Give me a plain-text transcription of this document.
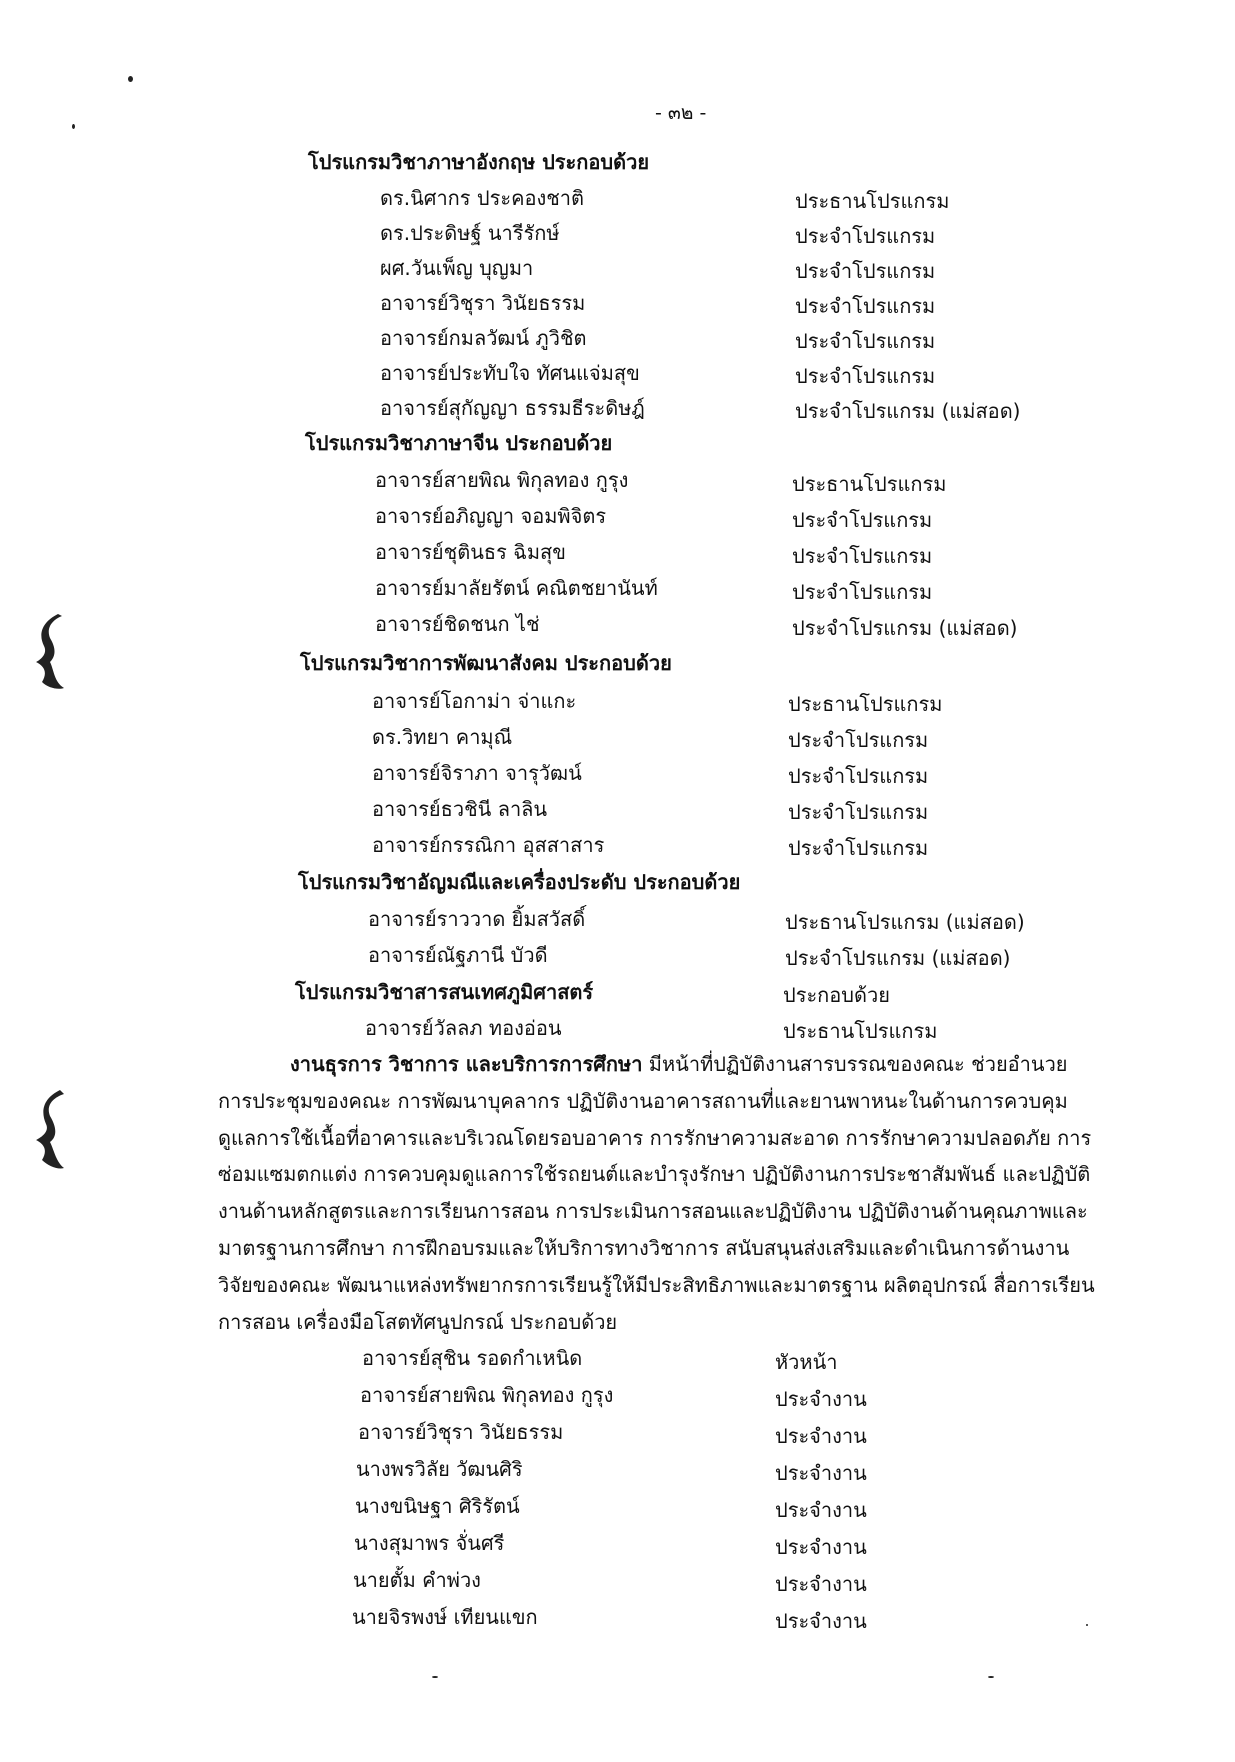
- ๓๒ -
โปรแกรมวิชาภาษาอังกฤษ ประกอบด้วย
ดร.นิศากร ประคองชาติ	ประธานโปรแกรม
ดร.ประดิษฐ์ นารีรักษ์	ประจำโปรแกรม
ผศ.วันเพ็ญ บุญมา	ประจำโปรแกรม
อาจารย์วิชุรา วินัยธรรม	ประจำโปรแกรม
อาจารย์กมลวัฒน์ ภูวิชิต	ประจำโปรแกรม
อาจารย์ประทับใจ ทัศนแจ่มสุข	ประจำโปรแกรม
อาจารย์สุกัญญา ธรรมธีระดิษฎ์	ประจำโปรแกรม (แม่สอด)
โปรแกรมวิชาภาษาจีน ประกอบด้วย
อาจารย์สายพิณ พิกุลทอง กูรุง	ประธานโปรแกรม
อาจารย์อภิญญา จอมพิจิตร	ประจำโปรแกรม
อาจารย์ชุตินธร ฉิมสุข	ประจำโปรแกรม
อาจารย์มาลัยรัตน์ คณิตชยานันท์	ประจำโปรแกรม
อาจารย์ชิดชนก ไช่	ประจำโปรแกรม (แม่สอด)
โปรแกรมวิชาการพัฒนาสังคม ประกอบด้วย
อาจารย์โอกาม่า จ่าแกะ	ประธานโปรแกรม
ดร.วิทยา คามุณี	ประจำโปรแกรม
อาจารย์จิราภา จารุวัฒน์	ประจำโปรแกรม
อาจารย์ธวชินี ลาลิน	ประจำโปรแกรม
อาจารย์กรรณิกา อุสสาสาร	ประจำโปรแกรม
โปรแกรมวิชาอัญมณีและเครื่องประดับ ประกอบด้วย
อาจารย์ราววาด ยิ้มสวัสดิ์	ประธานโปรแกรม (แม่สอด)
อาจารย์ณัฐภานี บัวดี	ประจำโปรแกรม (แม่สอด)
โปรแกรมวิชาสารสนเทศภูมิศาสตร์	ประกอบด้วย
อาจารย์วัลลภ ทองอ่อน	ประธานโปรแกรม

งานธุรการ วิชาการ และบริการการศึกษา มีหน้าที่ปฏิบัติงานสารบรรณของคณะ ช่วยอำนวยการประชุมของคณะ การพัฒนาบุคลากร ปฏิบัติงานอาคารสถานที่และยานพาหนะในด้านการควบคุมดูแลการใช้เนื้อที่อาคารและบริเวณโดยรอบอาคาร การรักษาความสะอาด การรักษาความปลอดภัย การซ่อมแซมตกแต่ง การควบคุมดูแลการใช้รถยนต์และบำรุงรักษา ปฏิบัติงานการประชาสัมพันธ์ และปฏิบัติงานด้านหลักสูตรและการเรียนการสอน การประเมินการสอนและปฏิบัติงาน ปฏิบัติงานด้านคุณภาพและมาตรฐานการศึกษา การฝึกอบรมและให้บริการทางวิชาการ สนับสนุนส่งเสริมและดำเนินการด้านงานวิจัยของคณะ พัฒนาแหล่งทรัพยากรการเรียนรู้ให้มีประสิทธิภาพและมาตรฐาน ผลิตอุปกรณ์ สื่อการเรียนการสอน เครื่องมือโสตทัศนูปกรณ์ ประกอบด้วย

อาจารย์สุชิน รอดกำเหนิด	หัวหน้า
อาจารย์สายพิณ พิกุลทอง กูรุง	ประจำงาน
อาจารย์วิชุรา วินัยธรรม	ประจำงาน
นางพรวิลัย วัฒนศิริ	ประจำงาน
นางขนิษฐา ศิริรัตน์	ประจำงาน
นางสุมาพร จั่นศรี	ประจำงาน
นายตั้ม คำพ่วง	ประจำงาน
นายจิรพงษ์ เทียนแขก	ประจำงาน
